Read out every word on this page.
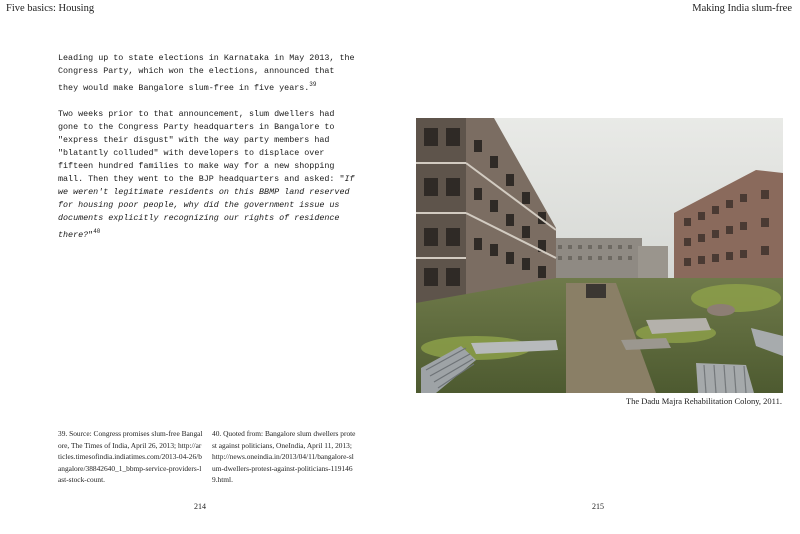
Five basics: Housing	Making India slum-free

Leading up to state elections in Karnataka in May 2013, the Congress Party, which won the elections, announced that they would make Bangalore slum-free in five years.$^{39}$

Two weeks prior to that announcement, slum dwellers had gone to the Congress Party headquarters in Bangalore to "express their disgust" with the way party members had "blatantly colluded" with developers to displace over fifteen hundred families to make way for a new shopping mall. Then they went to the BJP headquarters and asked: "If we weren't legitimate residents on this BBMP land reserved for housing poor people, why did the government issue us documents explicitly recognizing our rights of residence there?"$^{40}$

The Dadu Majra Rehabilitation Colony, 2011.
39. Source: Congress promises slum-free Bangalore, The Times of India, April 26, 2013; http://articles.timesofindia.indiatimes.com/2013-04-26/bangalore/38842640_1_bbmp-service-providers-last-stock-count.
40. Quoted from: Bangalore slum dwellers protest against politicians, OneIndia, April 11, 2013; http://news.oneindia.in/2013/04/11/bangalore-slum-dwellers-protest-against-politicians-1191469.html.
214	215
